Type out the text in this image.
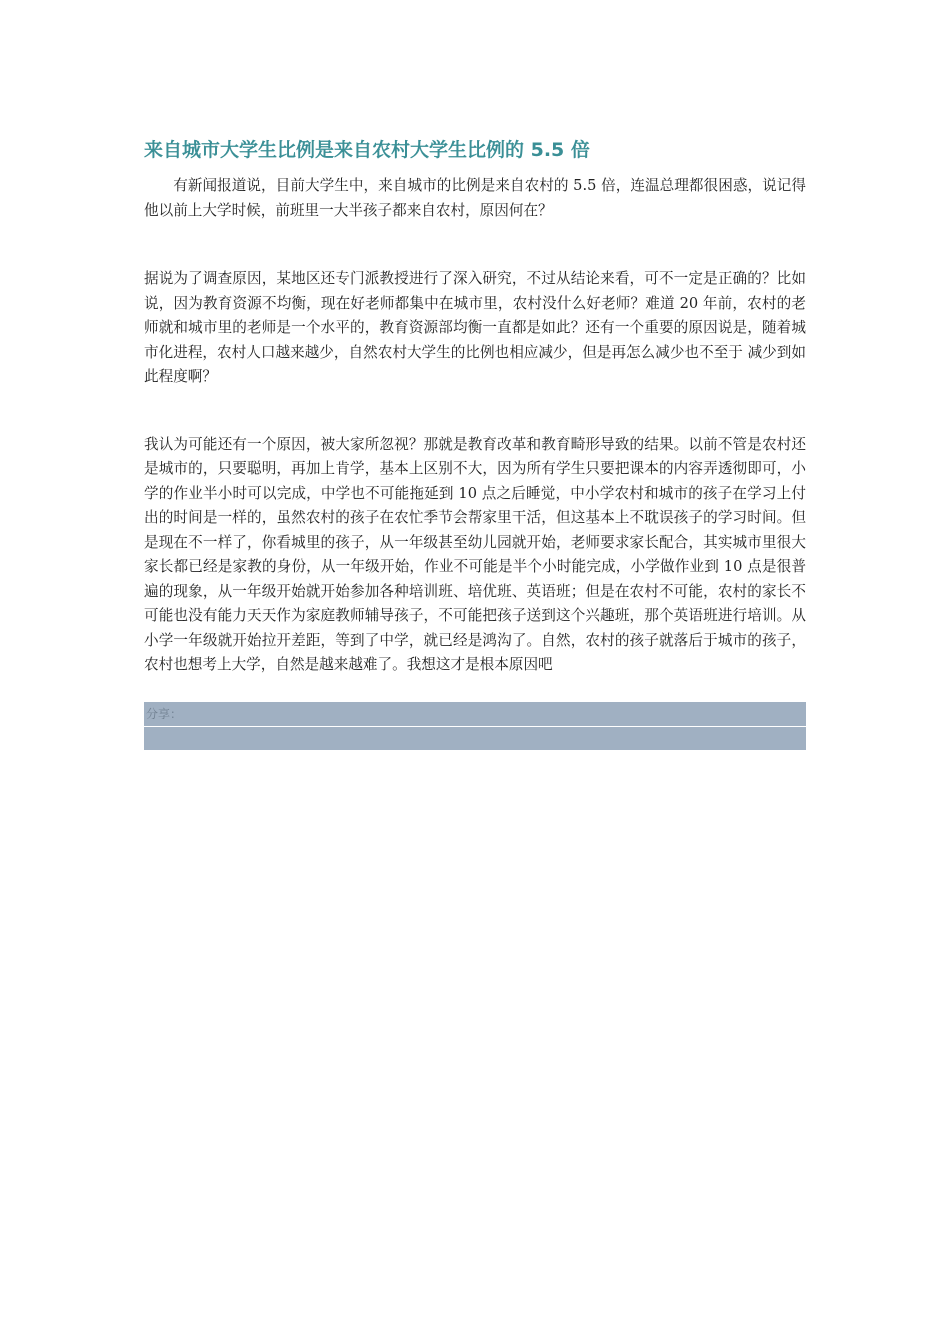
来自城市大学生比例是来自农村大学生比例的 5.5 倍

有新闻报道说，目前大学生中，来自城市的比例是来自农村的 5.5 倍，连温总理都很困惑，说记得他以前上大学时候，前班里一大半孩子都来自农村，原因何在？

据说为了调查原因，某地区还专门派教授进行了深入研究，不过从结论来看，可不一定是正确的？比如说，因为教育资源不均衡，现在好老师都集中在城市里，农村没什么好老师？难道 20 年前，农村的老师就和城市里的老师是一个水平的，教育资源部均衡一直都是如此？还有一个重要的原因说是，随着城市化进程，农村人口越来越少，自然农村大学生的比例也相应减少，但是再怎么减少也不至于 减少到如此程度啊？

我认为可能还有一个原因，被大家所忽视？那就是教育改革和教育畸形导致的结果。以前不管是农村还是城市的，只要聪明，再加上肯学，基本上区别不大，因为所有学生只要把课本的内容弄透彻即可，小学的作业半小时可以完成，中学也不可能拖延到 10 点之后睡觉，中小学农村和城市的孩子在学习上付出的时间是一样的，虽然农村的孩子在农忙季节会帮家里干活，但这基本上不耽误孩子的学习时间。但是现在不一样了，你看城里的孩子，从一年级甚至幼儿园就开始，老师要求家长配合，其实城市里很大家长都已经是家教的身份，从一年级开始，作业不可能是半个小时能完成，小学做作业到 10 点是很普遍的现象，从一年级开始就开始参加各种培训班、培优班、英语班；但是在农村不可能，农村的家长不可能也没有能力天天作为家庭教师辅导孩子，不可能把孩子送到这个兴趣班，那个英语班进行培训。从小学一年级就开始拉开差距，等到了中学，就已经是鸿沟了。自然，农村的孩子就落后于城市的孩子，农村也想考上大学，自然是越来越难了。我想这才是根本原因吧

分享：
